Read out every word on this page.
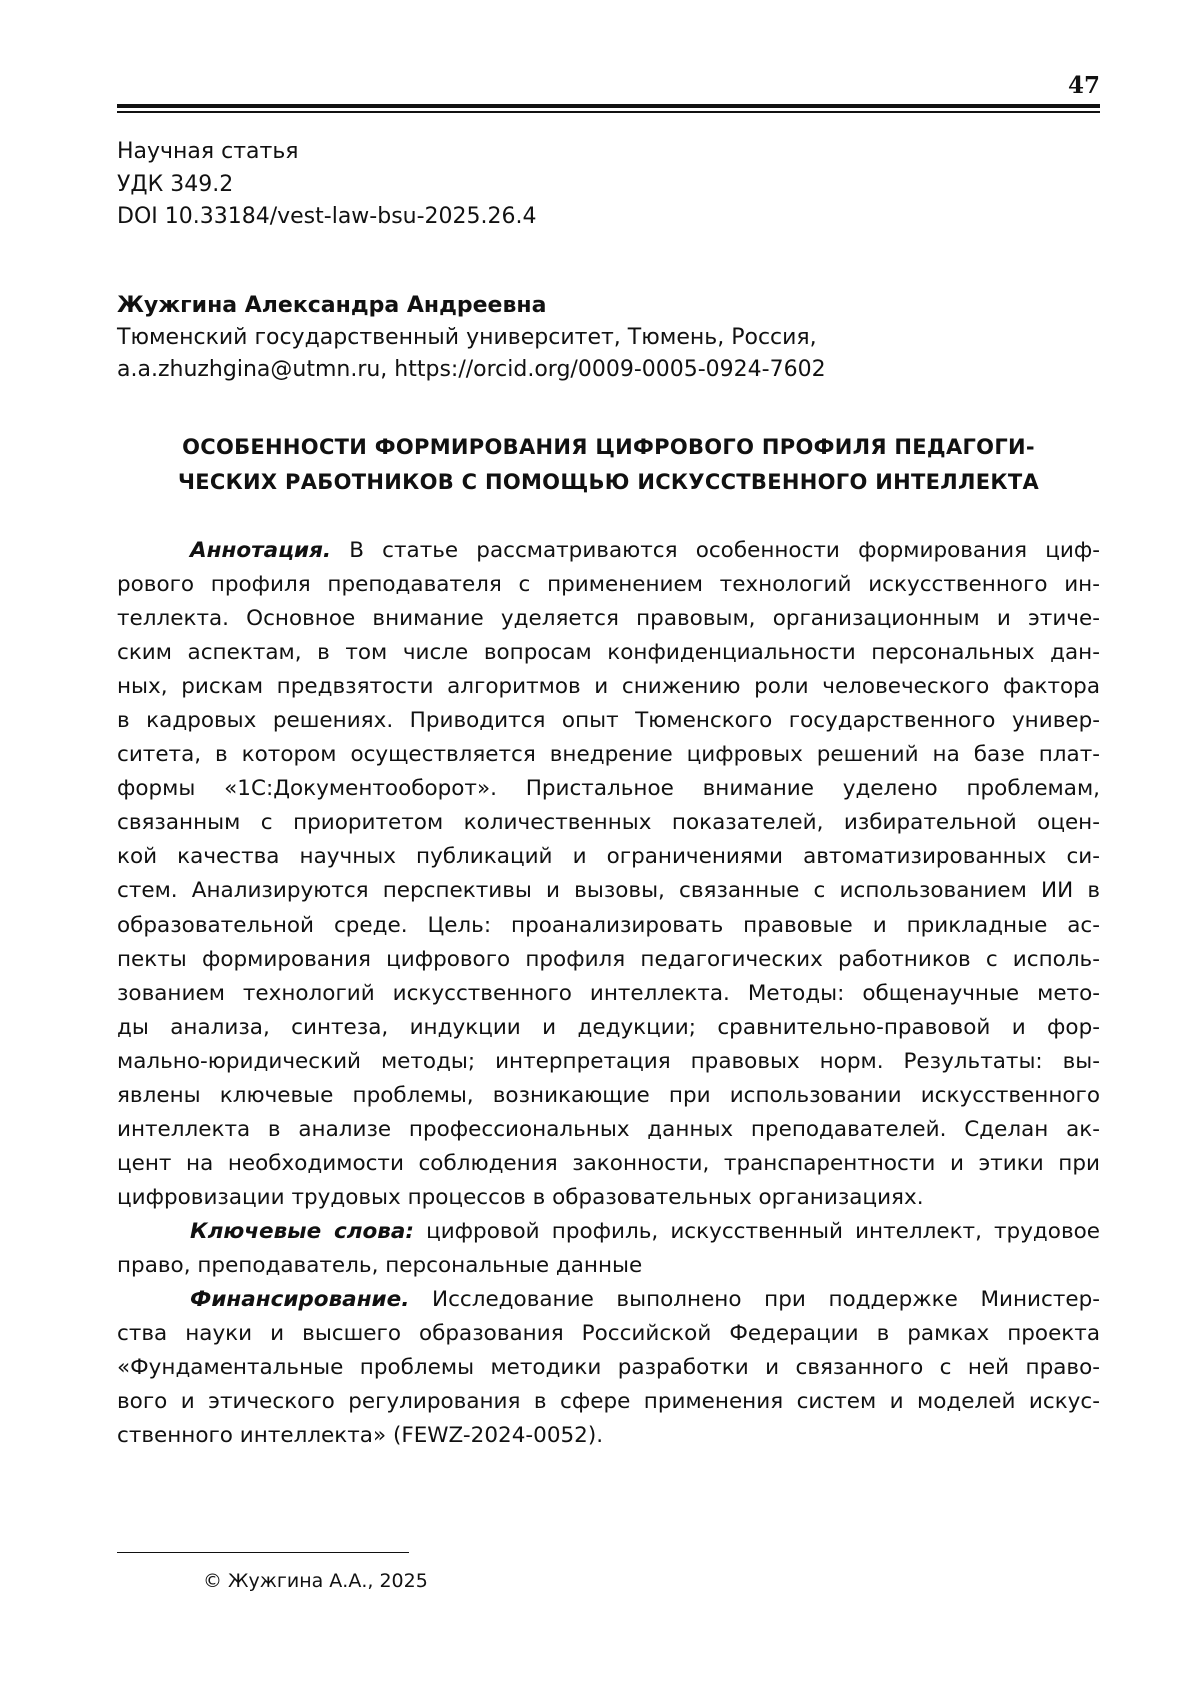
47
Научная статья
УДК 349.2
DOI 10.33184/vest-law-bsu-2025.26.4
Жужгина Александра Андреевна
Тюменский государственный университет, Тюмень, Россия,
a.a.zhuzhgina@utmn.ru, https://orcid.org/0009-0005-0924-7602
ОСОБЕННОСТИ ФОРМИРОВАНИЯ ЦИФРОВОГО ПРОФИЛЯ ПЕДАГОГИ-
ЧЕСКИХ РАБОТНИКОВ С ПОМОЩЬЮ ИСКУССТВЕННОГО ИНТЕЛЛЕКТА
Аннотация. В статье рассматриваются особенности формирования циф-
рового профиля преподавателя с применением технологий искусственного ин-
теллекта. Основное внимание уделяется правовым, организационным и этиче-
ским аспектам, в том числе вопросам конфиденциальности персональных дан-
ных, рискам предвзятости алгоритмов и снижению роли человеческого фактора
в кадровых решениях. Приводится опыт Тюменского государственного универ-
ситета, в котором осуществляется внедрение цифровых решений на базе плат-
формы «1С:Документооборот». Пристальное внимание уделено проблемам,
связанным с приоритетом количественных показателей, избирательной оцен-
кой качества научных публикаций и ограничениями автоматизированных си-
стем. Анализируются перспективы и вызовы, связанные с использованием ИИ в
образовательной среде. Цель: проанализировать правовые и прикладные ас-
пекты формирования цифрового профиля педагогических работников с исполь-
зованием технологий искусственного интеллекта. Методы: общенаучные мето-
ды анализа, синтеза, индукции и дедукции; сравнительно-правовой и фор-
мально-юридический методы; интерпретация правовых норм. Результаты: вы-
явлены ключевые проблемы, возникающие при использовании искусственного
интеллекта в анализе профессиональных данных преподавателей. Сделан ак-
цент на необходимости соблюдения законности, транспарентности и этики при
цифровизации трудовых процессов в образовательных организациях.
Ключевые слова: цифровой профиль, искусственный интеллект, трудовое
право, преподаватель, персональные данные
Финансирование. Исследование выполнено при поддержке Министер-
ства науки и высшего образования Российской Федерации в рамках проекта
«Фундаментальные проблемы методики разработки и связанного с ней право-
вого и этического регулирования в сфере применения систем и моделей искус-
ственного интеллекта» (FEWZ-2024-0052).
© Жужгина А.А., 2025
